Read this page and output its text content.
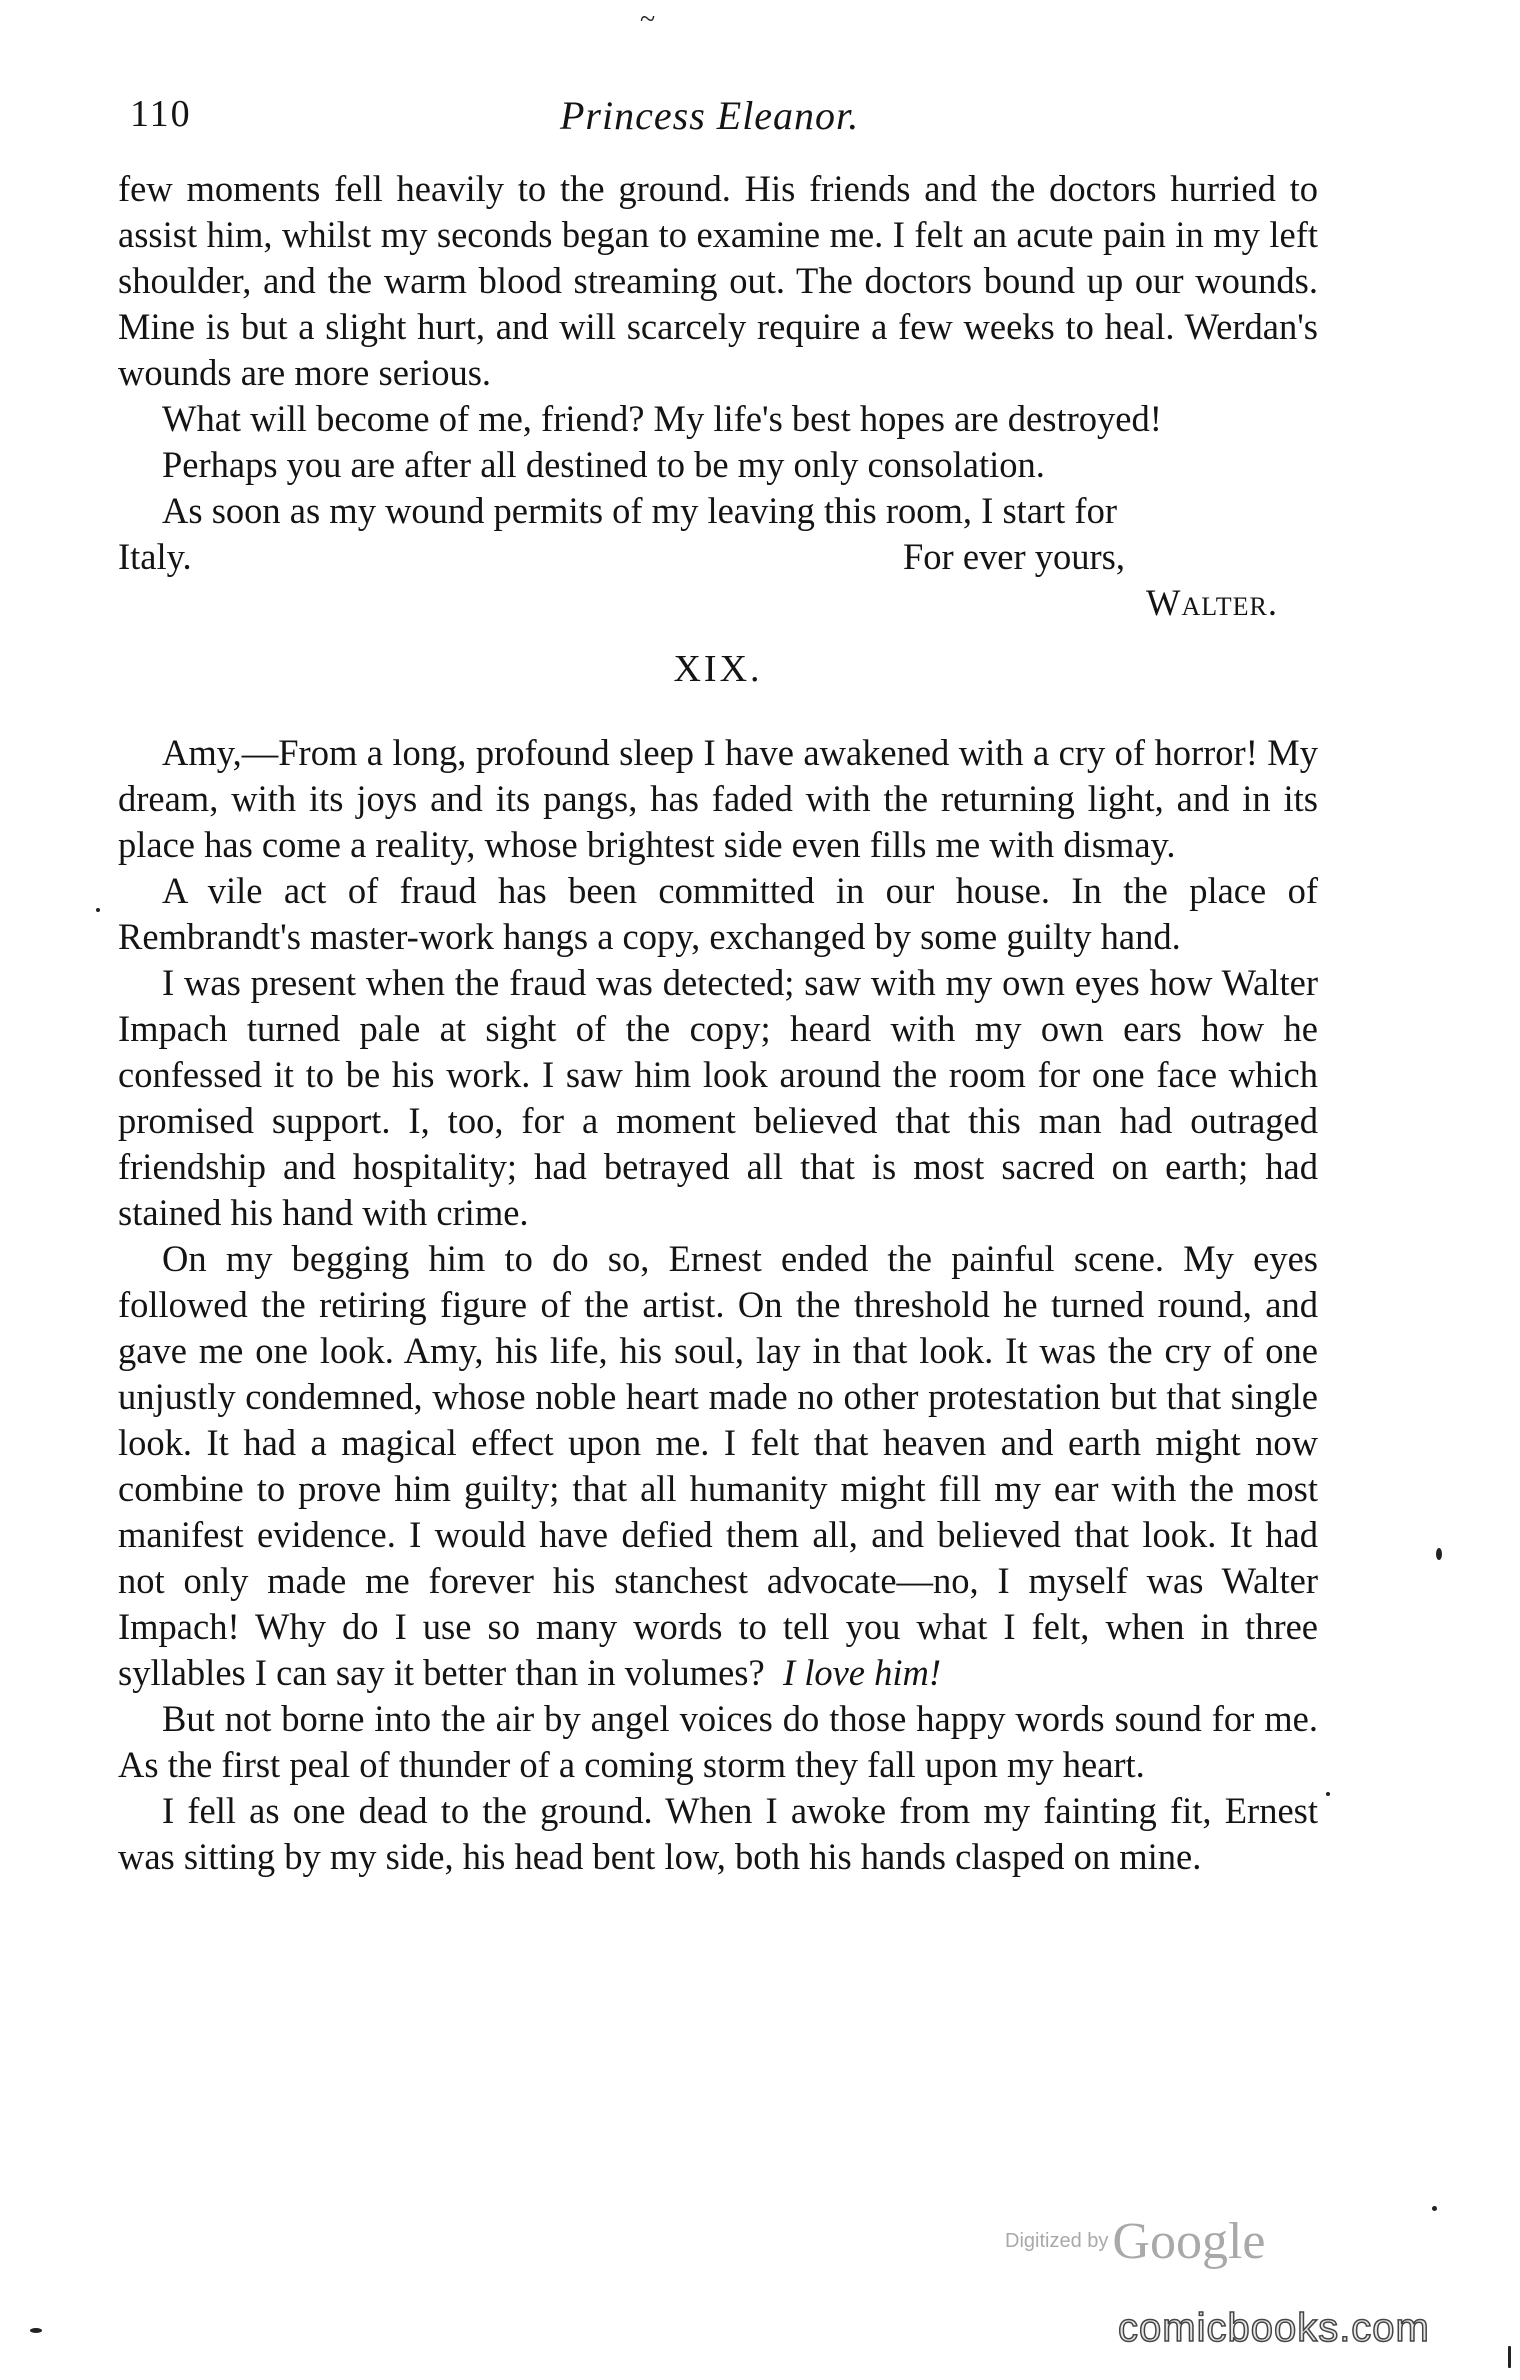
~
110	Princess Eleanor.

few moments fell heavily to the ground. His friends and the doctors hurried to assist him, whilst my seconds began to examine me. I felt an acute pain in my left shoulder, and the warm blood streaming out. The doctors bound up our wounds. Mine is but a slight hurt, and will scarcely require a few weeks to heal. Werdan's wounds are more serious.

What will become of me, friend? My life's best hopes are destroyed!

Perhaps you are after all destined to be my only consolation.

As soon as my wound permits of my leaving this room, I start for

Italy.	For ever yours,
Walter.
XIX.

Amy,—From a long, profound sleep I have awakened with a cry of horror! My dream, with its joys and its pangs, has faded with the returning light, and in its place has come a reality, whose brightest side even fills me with dismay.

A vile act of fraud has been committed in our house. In the place of Rembrandt's master-work hangs a copy, exchanged by some guilty hand.

I was present when the fraud was detected; saw with my own eyes how Walter Impach turned pale at sight of the copy; heard with my own ears how he confessed it to be his work. I saw him look around the room for one face which promised support. I, too, for a moment believed that this man had outraged friendship and hospitality; had betrayed all that is most sacred on earth; had stained his hand with crime.

On my begging him to do so, Ernest ended the painful scene. My eyes followed the retiring figure of the artist. On the threshold he turned round, and gave me one look. Amy, his life, his soul, lay in that look. It was the cry of one unjustly condemned, whose noble heart made no other protestation but that single look. It had a magical effect upon me. I felt that heaven and earth might now combine to prove him guilty; that all humanity might fill my ear with the most manifest evidence. I would have defied them all, and believed that look. It had not only made me forever his stanchest advocate—no, I myself was Walter Impach! Why do I use so many words to tell you what I felt, when in three syllables I can say it better than in volumes? I love him!

But not borne into the air by angel voices do those happy words sound for me. As the first peal of thunder of a coming storm they fall upon my heart.

I fell as one dead to the ground. When I awoke from my fainting fit, Ernest was sitting by my side, his head bent low, both his hands clasped on mine.

Digitized by Google
comicbooks.com
